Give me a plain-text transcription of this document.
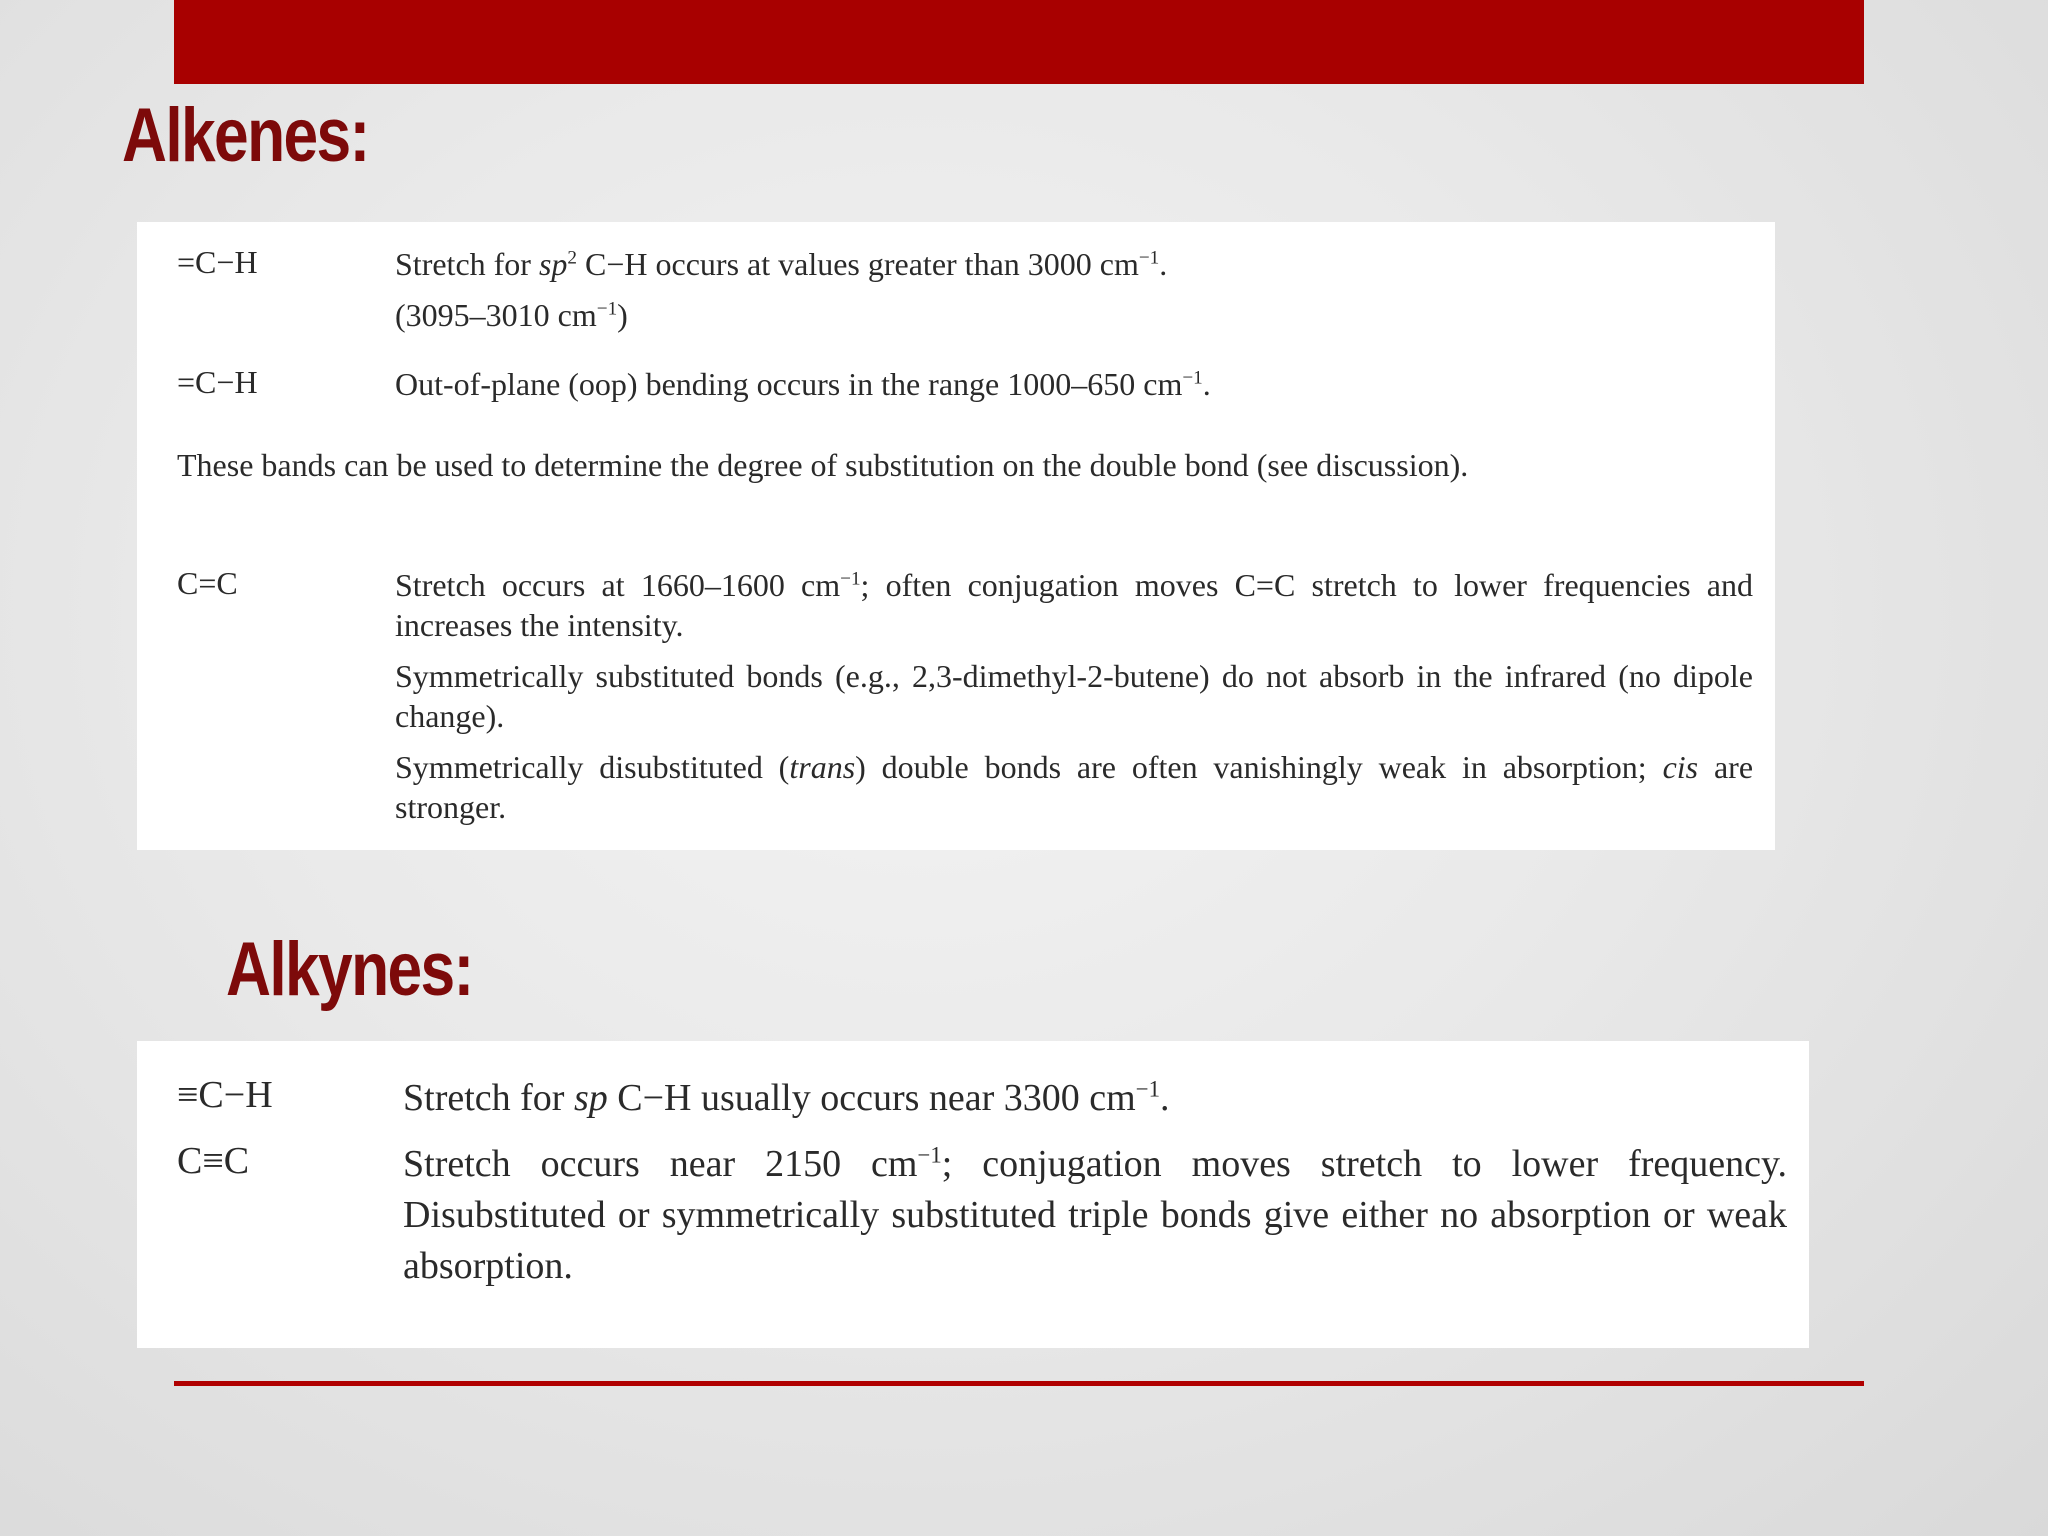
Alkenes:
=C−H	Stretch for $sp^2$ C−H occurs at values greater than 3000 $cm^{-1}$.

(3095–3010 $cm^{-1}$)

=C−H	Out-of-plane (oop) bending occurs in the range 1000–650 $cm^{-1}$.

These bands can be used to determine the degree of substitution on the double bond (see discussion).

C=C	Stretch occurs at 1660–1600 $cm^{-1}$; often conjugation moves C=C stretch to lower frequencies and increases the intensity.

Symmetrically substituted bonds (e.g., 2,3-dimethyl-2-butene) do not absorb in the infrared (no dipole change).

Symmetrically disubstituted (trans) double bonds are often vanishingly weak in absorption; cis are stronger.

Alkynes:
≡C−H	Stretch for sp C−H usually occurs near 3300 $cm^{-1}$.

C≡C	Stretch occurs near 2150 $cm^{-1}$; conjugation moves stretch to lower frequency. Disubstituted or symmetrically substituted triple bonds give either no absorption or weak absorption.
